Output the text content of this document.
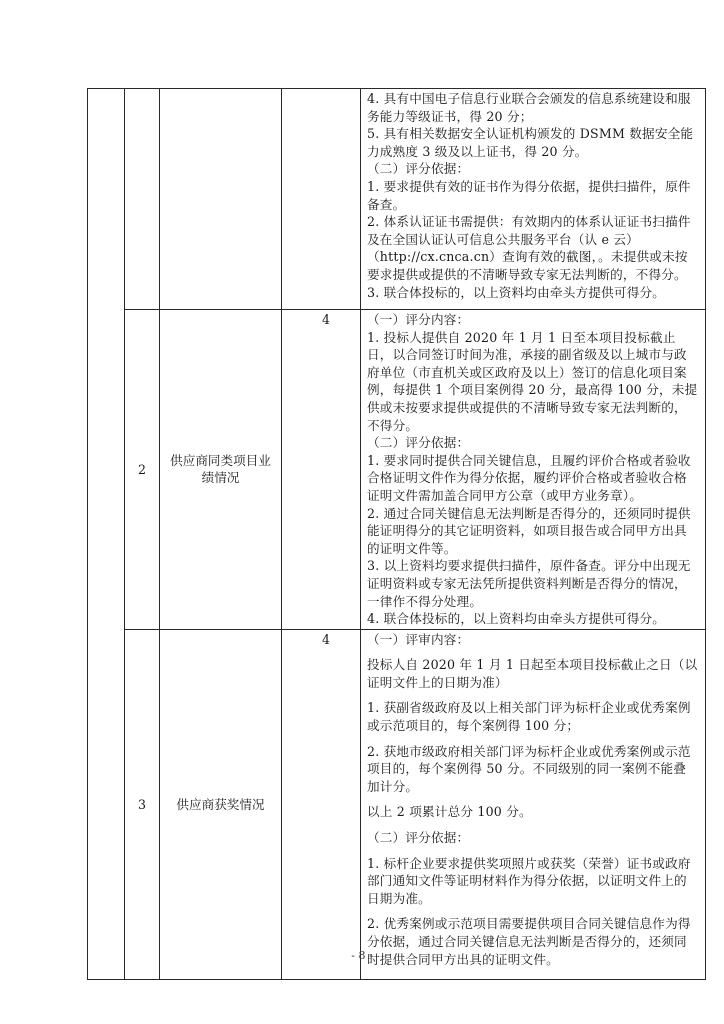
4. 具有中国电子信息行业联合会颁发的信息系统建设和服务能力等级证书，得 20 分；
5. 具有相关数据安全认证机构颁发的 DSMM 数据安全能力成熟度 3 级及以上证书，得 20 分。
（二）评分依据：
1. 要求提供有效的证书作为得分依据，提供扫描件，原件备查。
2. 体系认证证书需提供：有效期内的体系认证证书扫描件及在全国认证认可信息公共服务平台（认 e 云）（http://cx.cnca.cn）查询有效的截图，。未提供或未按要求提供或提供的不清晰导致专家无法判断的，不得分。
3. 联合体投标的，以上资料均由牵头方提供可得分。

2	供应商同类项目业绩情况	4	（一）评分内容：
1. 投标人提供自 2020 年 1 月 1 日至本项目投标截止日，以合同签订时间为准，承接的副省级及以上城市与政府单位（市直机关或区政府及以上）签订的信息化项目案例，每提供 1 个项目案例得 20 分，最高得 100 分，未提供或未按要求提供或提供的不清晰导致专家无法判断的，不得分。
（二）评分依据：
1. 要求同时提供合同关键信息，且履约评价合格或者验收合格证明文件作为得分依据，履约评价合格或者验收合格证明文件需加盖合同甲方公章（或甲方业务章）。
2. 通过合同关键信息无法判断是否得分的，还须同时提供能证明得分的其它证明资料，如项目报告或合同甲方出具的证明文件等。
3. 以上资料均要求提供扫描件，原件备查。评分中出现无证明资料或专家无法凭所提供资料判断是否得分的情况，一律作不得分处理。
4. 联合体投标的，以上资料均由牵头方提供可得分。

3	供应商获奖情况	4	（一）评审内容：
投标人自 2020 年 1 月 1 日起至本项目投标截止之日（以证明文件上的日期为准）
1. 获副省级政府及以上相关部门评为标杆企业或优秀案例或示范项目的，每个案例得 100 分；
2. 获地市级政府相关部门评为标杆企业或优秀案例或示范项目的，每个案例得 50 分。不同级别的同一案例不能叠加计分。
以上 2 项累计总分 100 分。
（二）评分依据：
1. 标杆企业要求提供奖项照片或获奖（荣誉）证书或政府部门通知文件等证明材料作为得分依据，以证明文件上的日期为准。
2. 优秀案例或示范项目需要提供项目合同关键信息作为得分依据，通过合同关键信息无法判断是否得分的，还须同时提供合同甲方出具的证明文件。
- 8 -
